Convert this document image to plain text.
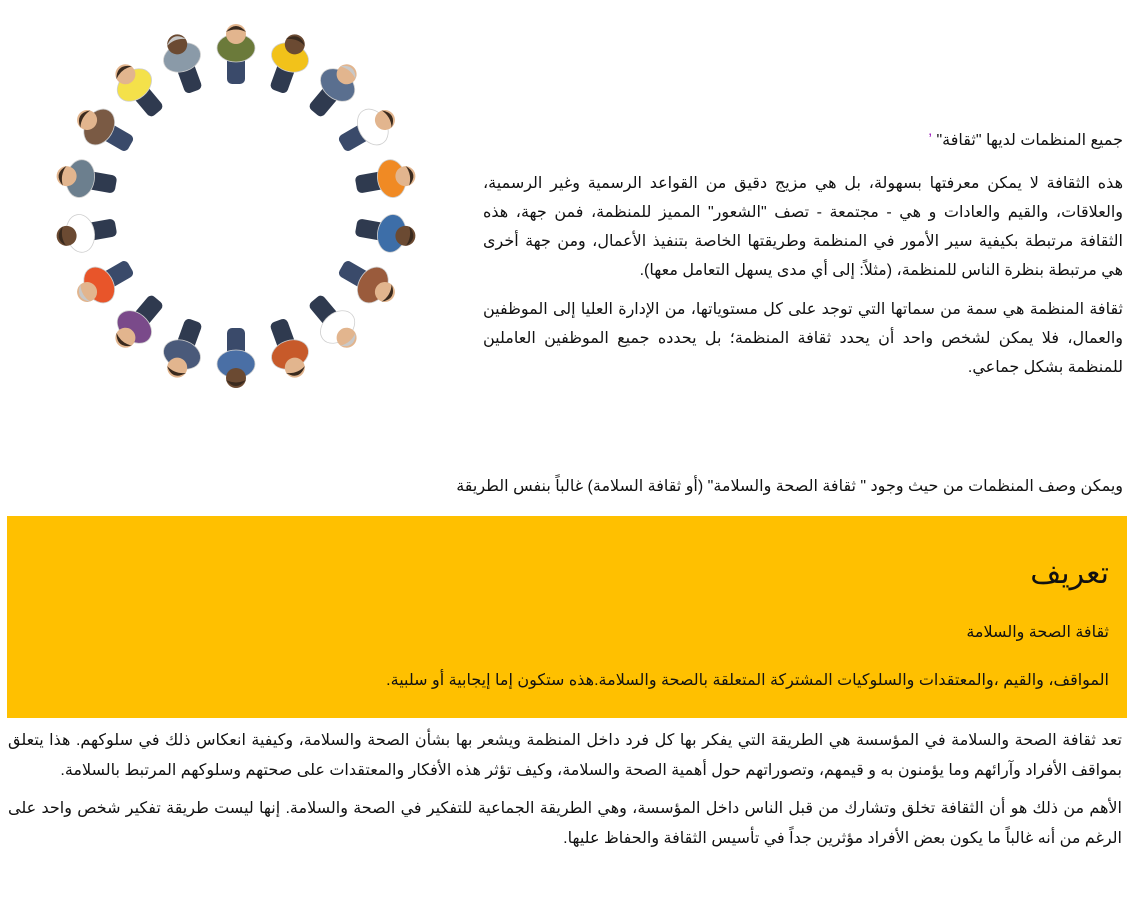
جميع المنظمات لديها "ثقافة" ʼ

هذه الثقافة لا يمكن معرفتها بسهولة، بل هي مزيج دقيق من القواعد الرسمية وغير الرسمية، والعلاقات، والقيم والعادات و هي - مجتمعة - تصف "الشعور" المميز للمنظمة، فمن جهة، هذه الثقافة مرتبطة بكيفية سير الأمور في المنظمة وطريقتها الخاصة بتنفيذ الأعمال، ومن جهة أخرى هي مرتبطة بنظرة الناس للمنظمة، (مثلاً: إلى أي مدى يسهل التعامل معها).

ثقافة المنظمة هي سمة من سماتها التي توجد على كل مستوياتها، من الإدارة العليا إلى الموظفين والعمال، فلا يمكن لشخص واحد أن يحدد ثقافة المنظمة؛ بل يحدده جميع الموظفين العاملين للمنظمة بشكل جماعي.

ويمكن وصف المنظمات من حيث وجود " ثقافة الصحة والسلامة" (أو ثقافة السلامة) غالباً بنفس الطريقة
تعريف

ثقافة الصحة والسلامة

المواقف، والقيم ،والمعتقدات والسلوكيات المشتركة المتعلقة بالصحة والسلامة.هذه ستكون إما إيجابية أو سلبية.

تعد ثقافة الصحة والسلامة في المؤسسة هي الطريقة التي يفكر بها كل فرد داخل المنظمة ويشعر بها بشأن الصحة والسلامة، وكيفية انعكاس ذلك في سلوكهم. هذا يتعلق بمواقف الأفراد وآرائهم وما يؤمنون به و قيمهم، وتصوراتهم حول أهمية الصحة والسلامة، وكيف تؤثر هذه الأفكار والمعتقدات على صحتهم وسلوكهم المرتبط بالسلامة.

الأهم من ذلك هو أن الثقافة تخلق وتشارك من قبل الناس داخل المؤسسة، وهي الطريقة الجماعية للتفكير في الصحة والسلامة. إنها ليست طريقة تفكير شخص واحد على الرغم من أنه غالباً ما يكون بعض الأفراد مؤثرين جداً في تأسيس الثقافة والحفاظ عليها.
